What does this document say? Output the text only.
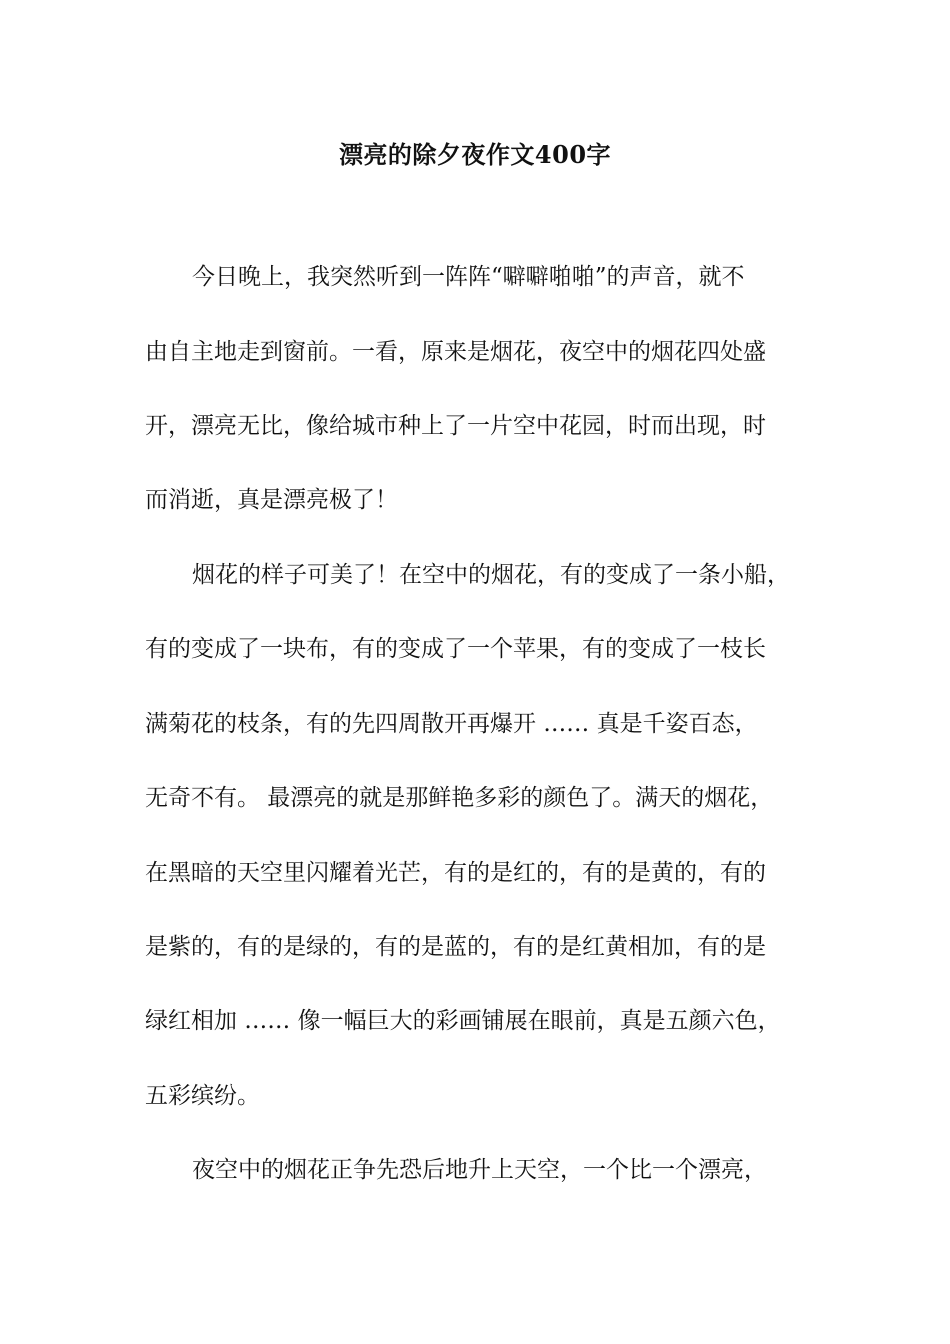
漂亮的除夕夜作文400字
今日晚上，我突然听到一阵阵“噼噼啪啪”的声音，就不
由自主地走到窗前。一看，原来是烟花，夜空中的烟花四处盛
开，漂亮无比，像给城市种上了一片空中花园，时而出现，时
而消逝，真是漂亮极了！
烟花的样子可美了！在空中的烟花，有的变成了一条小船，
有的变成了一块布，有的变成了一个苹果，有的变成了一枝长
满菊花的枝条，有的先四周散开再爆开 …… 真是千姿百态，
无奇不有。 最漂亮的就是那鲜艳多彩的颜色了。满天的烟花，
在黑暗的天空里闪耀着光芒，有的是红的，有的是黄的，有的
是紫的，有的是绿的，有的是蓝的，有的是红黄相加，有的是
绿红相加 …… 像一幅巨大的彩画铺展在眼前，真是五颜六色，
五彩缤纷。
夜空中的烟花正争先恐后地升上天空，一个比一个漂亮，
